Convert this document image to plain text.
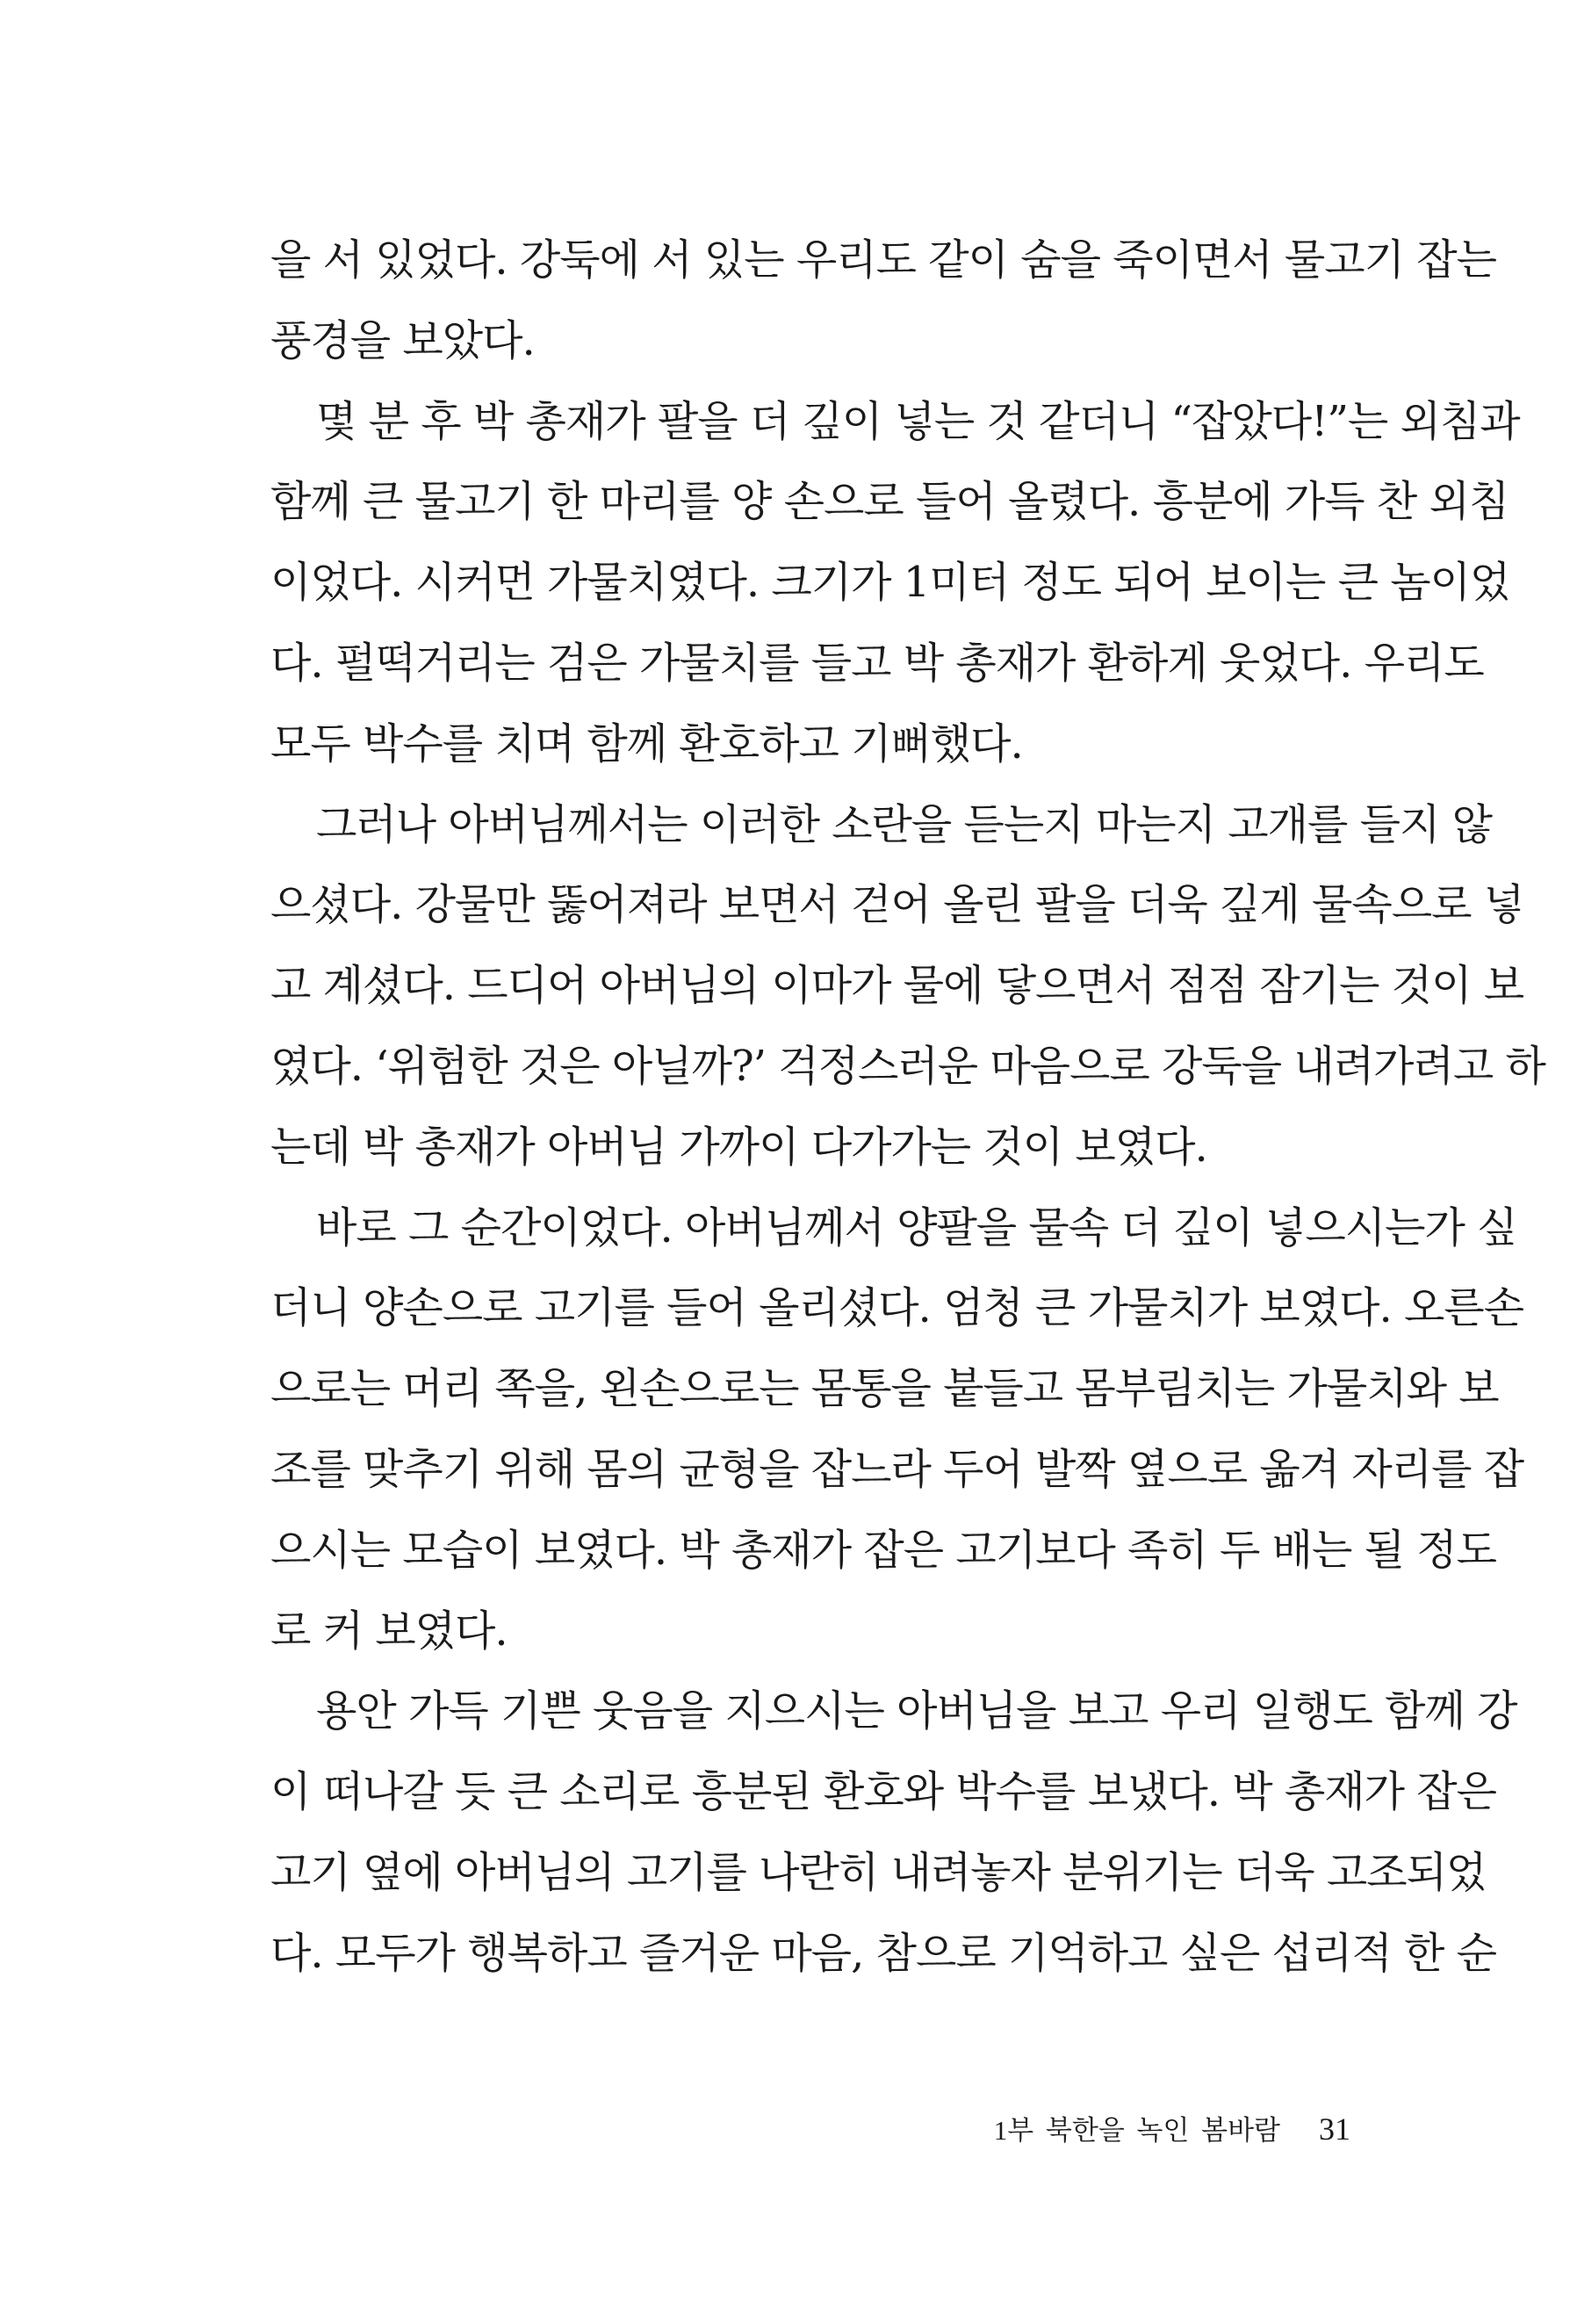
을 서 있었다. 강둑에 서 있는 우리도 같이 숨을 죽이면서 물고기 잡는
풍경을 보았다.
몇 분 후 박 총재가 팔을 더 깊이 넣는 것 같더니 “잡았다!”는 외침과
함께 큰 물고기 한 마리를 양 손으로 들어 올렸다. 흥분에 가득 찬 외침
이었다. 시커먼 가물치였다. 크기가 1미터 정도 되어 보이는 큰 놈이었
다. 펄떡거리는 검은 가물치를 들고 박 총재가 환하게 웃었다. 우리도
모두 박수를 치며 함께 환호하고 기뻐했다.
그러나 아버님께서는 이러한 소란을 듣는지 마는지 고개를 들지 않
으셨다. 강물만 뚫어져라 보면서 걷어 올린 팔을 더욱 깊게 물속으로 넣
고 계셨다. 드디어 아버님의 이마가 물에 닿으면서 점점 잠기는 것이 보
였다. ‘위험한 것은 아닐까?’ 걱정스러운 마음으로 강둑을 내려가려고 하
는데 박 총재가 아버님 가까이 다가가는 것이 보였다.
바로 그 순간이었다. 아버님께서 양팔을 물속 더 깊이 넣으시는가 싶
더니 양손으로 고기를 들어 올리셨다. 엄청 큰 가물치가 보였다. 오른손
으로는 머리 쪽을, 왼손으로는 몸통을 붙들고 몸부림치는 가물치와 보
조를 맞추기 위해 몸의 균형을 잡느라 두어 발짝 옆으로 옮겨 자리를 잡
으시는 모습이 보였다. 박 총재가 잡은 고기보다 족히 두 배는 될 정도
로 커 보였다.
용안 가득 기쁜 웃음을 지으시는 아버님을 보고 우리 일행도 함께 강
이 떠나갈 듯 큰 소리로 흥분된 환호와 박수를 보냈다. 박 총재가 잡은
고기 옆에 아버님의 고기를 나란히 내려놓자 분위기는 더욱 고조되었
다. 모두가 행복하고 즐거운 마음, 참으로 기억하고 싶은 섭리적 한 순
1부 북한을 녹인 봄바람 31
